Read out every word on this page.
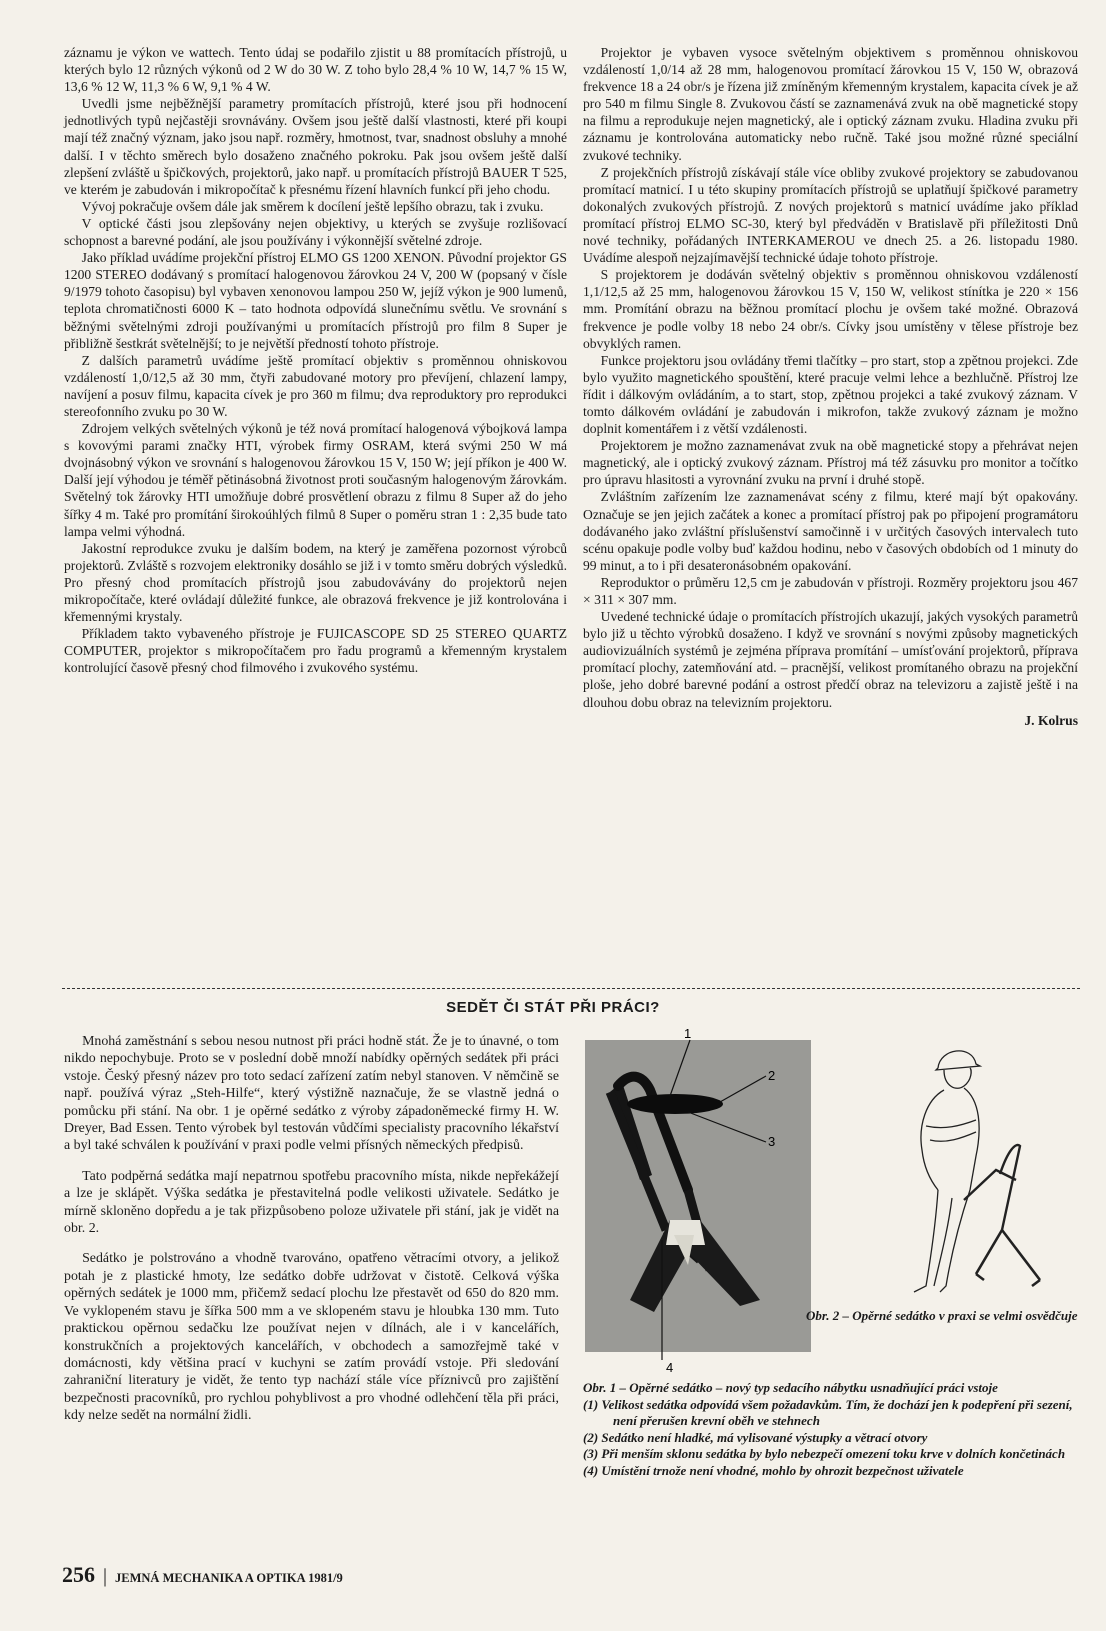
záznamu je výkon ve wattech. Tento údaj se podařilo zjistit u 88 promítacích přístrojů, u kterých bylo 12 různých výkonů od 2 W do 30 W. Z toho bylo 28,4 % 10 W, 14,7 % 15 W, 13,6 % 12 W, 11,3 % 6 W, 9,1 % 4 W.

Uvedli jsme nejběžnější parametry promítacích přístrojů, které jsou při hodnocení jednotlivých typů nejčastěji srovnávány. Ovšem jsou ještě další vlastnosti, které při koupi mají též značný význam, jako jsou např. rozměry, hmotnost, tvar, snadnost obsluhy a mnohé další. I v těchto směrech bylo dosaženo značného pokroku. Pak jsou ovšem ještě další zlepšení zvláště u špičkových, projektorů, jako např. u promítacích přístrojů BAUER T 525, ve kterém je zabudován i mikropočítač k přesnému řízení hlavních funkcí při jeho chodu.

Vývoj pokračuje ovšem dále jak směrem k docílení ještě lepšího obrazu, tak i zvuku.

V optické části jsou zlepšovány nejen objektivy, u kterých se zvyšuje rozlišovací schopnost a barevné podání, ale jsou používány i výkonnější světelné zdroje.

Jako příklad uvádíme projekční přístroj ELMO GS 1200 XENON. Původní projektor GS 1200 STEREO dodávaný s promítací halogenovou žárovkou 24 V, 200 W (popsaný v čísle 9/1979 tohoto časopisu) byl vybaven xenonovou lampou 250 W, jejíž výkon je 900 lumenů, teplota chromatičnosti 6000 K – tato hodnota odpovídá slunečnímu světlu. Ve srovnání s běžnými světelnými zdroji používanými u promítacích přístrojů pro film 8 Super je přibližně šestkrát světelnější; to je největší předností tohoto přístroje.

Z dalších parametrů uvádíme ještě promítací objektiv s proměnnou ohniskovou vzdáleností 1,0/12,5 až 30 mm, čtyři zabudované motory pro převíjení, chlazení lampy, navíjení a posuv filmu, kapacita cívek je pro 360 m filmu; dva reproduktory pro reprodukci stereofonního zvuku po 30 W.

Zdrojem velkých světelných výkonů je též nová promítací halogenová výbojková lampa s kovovými parami značky HTI, výrobek firmy OSRAM, která svými 250 W má dvojnásobný výkon ve srovnání s halogenovou žárovkou 15 V, 150 W; její příkon je 400 W. Další její výhodou je téměř pětinásobná životnost proti současným halogenovým žárovkám. Světelný tok žárovky HTI umožňuje dobré prosvětlení obrazu z filmu 8 Super až do jeho šířky 4 m. Také pro promítání širokoúhlých filmů 8 Super o poměru stran 1 : 2,35 bude tato lampa velmi výhodná.

Jakostní reprodukce zvuku je dalším bodem, na který je zaměřena pozornost výrobců projektorů. Zvláště s rozvojem elektroniky dosáhlo se již i v tomto směru dobrých výsledků. Pro přesný chod promítacích přístrojů jsou zabudovávány do projektorů nejen mikropočítače, které ovládají důležité funkce, ale obrazová frekvence je již kontrolována i křemennými krystaly.

Příkladem takto vybaveného přístroje je FUJICASCOPE SD 25 STEREO QUARTZ COMPUTER, projektor s mikropočítačem pro řadu programů a křemenným krystalem kontrolující časově přesný chod filmového i zvukového systému.

Projektor je vybaven vysoce světelným objektivem s proměnnou ohniskovou vzdáleností 1,0/14 až 28 mm, halogenovou promítací žárovkou 15 V, 150 W, obrazová frekvence 18 a 24 obr/s je řízena již zmíněným křemenným krystalem, kapacita cívek je až pro 540 m filmu Single 8. Zvukovou částí se zaznamenává zvuk na obě magnetické stopy na filmu a reprodukuje nejen magnetický, ale i optický záznam zvuku. Hladina zvuku při záznamu je kontrolována automaticky nebo ručně. Také jsou možné různé speciální zvukové techniky.

Z projekčních přístrojů získávají stále více obliby zvukové projektory se zabudovanou promítací matnicí. I u této skupiny promítacích přístrojů se uplatňují špičkové parametry dokonalých zvukových přístrojů. Z nových projektorů s matnicí uvádíme jako příklad promítací přístroj ELMO SC-30, který byl předváděn v Bratislavě při příležitosti Dnů nové techniky, pořádaných INTERKAMEROU ve dnech 25. a 26. listopadu 1980. Uvádíme alespoň nejzajímavější technické údaje tohoto přístroje.

S projektorem je dodáván světelný objektiv s proměnnou ohniskovou vzdáleností 1,1/12,5 až 25 mm, halogenovou žárovkou 15 V, 150 W, velikost stínítka je 220 × 156 mm. Promítání obrazu na běžnou promítací plochu je ovšem také možné. Obrazová frekvence je podle volby 18 nebo 24 obr/s. Cívky jsou umístěny v tělese přístroje bez obvyklých ramen.

Funkce projektoru jsou ovládány třemi tlačítky – pro start, stop a zpětnou projekci. Zde bylo využito magnetického spouštění, které pracuje velmi lehce a bezhlučně. Přístroj lze řídit i dálkovým ovládáním, a to start, stop, zpětnou projekci a také zvukový záznam. V tomto dálkovém ovládání je zabudován i mikrofon, takže zvukový záznam je možno doplnit komentářem i z větší vzdálenosti.

Projektorem je možno zaznamenávat zvuk na obě magnetické stopy a přehrávat nejen magnetický, ale i optický zvukový záznam. Přístroj má též zásuvku pro monitor a točítko pro úpravu hlasitosti a vyrovnání zvuku na první i druhé stopě.

Zvláštním zařízením lze zaznamenávat scény z filmu, které mají být opakovány. Označuje se jen jejich začátek a konec a promítací přístroj pak po připojení programátoru dodávaného jako zvláštní příslušenství samočinně i v určitých časových intervalech tuto scénu opakuje podle volby buď každou hodinu, nebo v časových obdobích od 1 minuty do 99 minut, a to i při desateronásobném opakování.

Reproduktor o průměru 12,5 cm je zabudován v přístroji. Rozměry projektoru jsou 467 × 311 × 307 mm.

Uvedené technické údaje o promítacích přístrojích ukazují, jakých vysokých parametrů bylo již u těchto výrobků dosaženo. I když ve srovnání s novými způsoby magnetických audiovizuálních systémů je zejména příprava promítání – umísťování projektorů, příprava promítací plochy, zatemňování atd. – pracnější, velikost promítaného obrazu na projekční ploše, jeho dobré barevné podání a ostrost předčí obraz na televizoru a zajistě ještě i na dlouhou dobu obraz na televizním projektoru.

J. Kolrus
SEDĚT ČI STÁT PŘI PRÁCI?

Mnohá zaměstnání s sebou nesou nutnost při práci hodně stát. Že je to únavné, o tom nikdo nepochybuje. Proto se v poslední době množí nabídky opěrných sedátek při práci vstoje. Český přesný název pro toto sedací zařízení zatím nebyl stanoven. V němčině se např. používá výraz „Steh-Hilfe“, který výstižně naznačuje, že se vlastně jedná o pomůcku při stání. Na obr. 1 je opěrné sedátko z výroby západoněmecké firmy H. W. Dreyer, Bad Essen. Tento výrobek byl testován vůdčími specialisty pracovního lékařství a byl také schválen k používání v praxi podle velmi přísných německých předpisů.

Tato podpěrná sedátka mají nepatrnou spotřebu pracovního místa, nikde nepřekážejí a lze je sklápět. Výška sedátka je přestavitelná podle velikosti uživatele. Sedátko je mírně skloněno dopředu a je tak přizpůsobeno poloze uživatele při stání, jak je vidět na obr. 2.

Sedátko je polstrováno a vhodně tvarováno, opatřeno větracími otvory, a jelikož potah je z plastické hmoty, lze sedátko dobře udržovat v čistotě. Celková výška opěrných sedátek je 1000 mm, přičemž sedací plochu lze přestavět od 650 do 820 mm. Ve vyklopeném stavu je šířka 500 mm a ve sklopeném stavu je hloubka 130 mm. Tuto praktickou opěrnou sedačku lze používat nejen v dílnách, ale i v kancelářích, konstrukčních a projektových kancelářích, v obchodech a samozřejmě také v domácnosti, kdy většina prací v kuchyni se zatím provádí vstoje. Při sledování zahraniční literatury je vidět, že tento typ nachází stále více příznivců pro zajištění bezpečnosti pracovníků, pro rychlou pohyblivost a pro vhodné odlehčení těla při práci, kdy nelze sedět na normální židli.

1
2
3
4
Obr. 2 – Opěrné sedátko v praxi se velmi osvědčuje
Obr. 1 – Opěrné sedátko – nový typ sedacího nábytku usnadňující práci vstoje
(1) Velikost sedátka odpovídá všem požadavkům. Tím, že dochází jen k podepření při sezení, není přerušen krevní oběh ve stehnech
(2) Sedátko není hladké, má vylisované výstupky a větrací otvory
(3) Při menším sklonu sedátka by bylo nebezpečí omezení toku krve v dolních končetinách
(4) Umístění trnože není vhodné, mohlo by ohrozit bezpečnost uživatele
256 | JEMNÁ MECHANIKA A OPTIKA 1981/9
